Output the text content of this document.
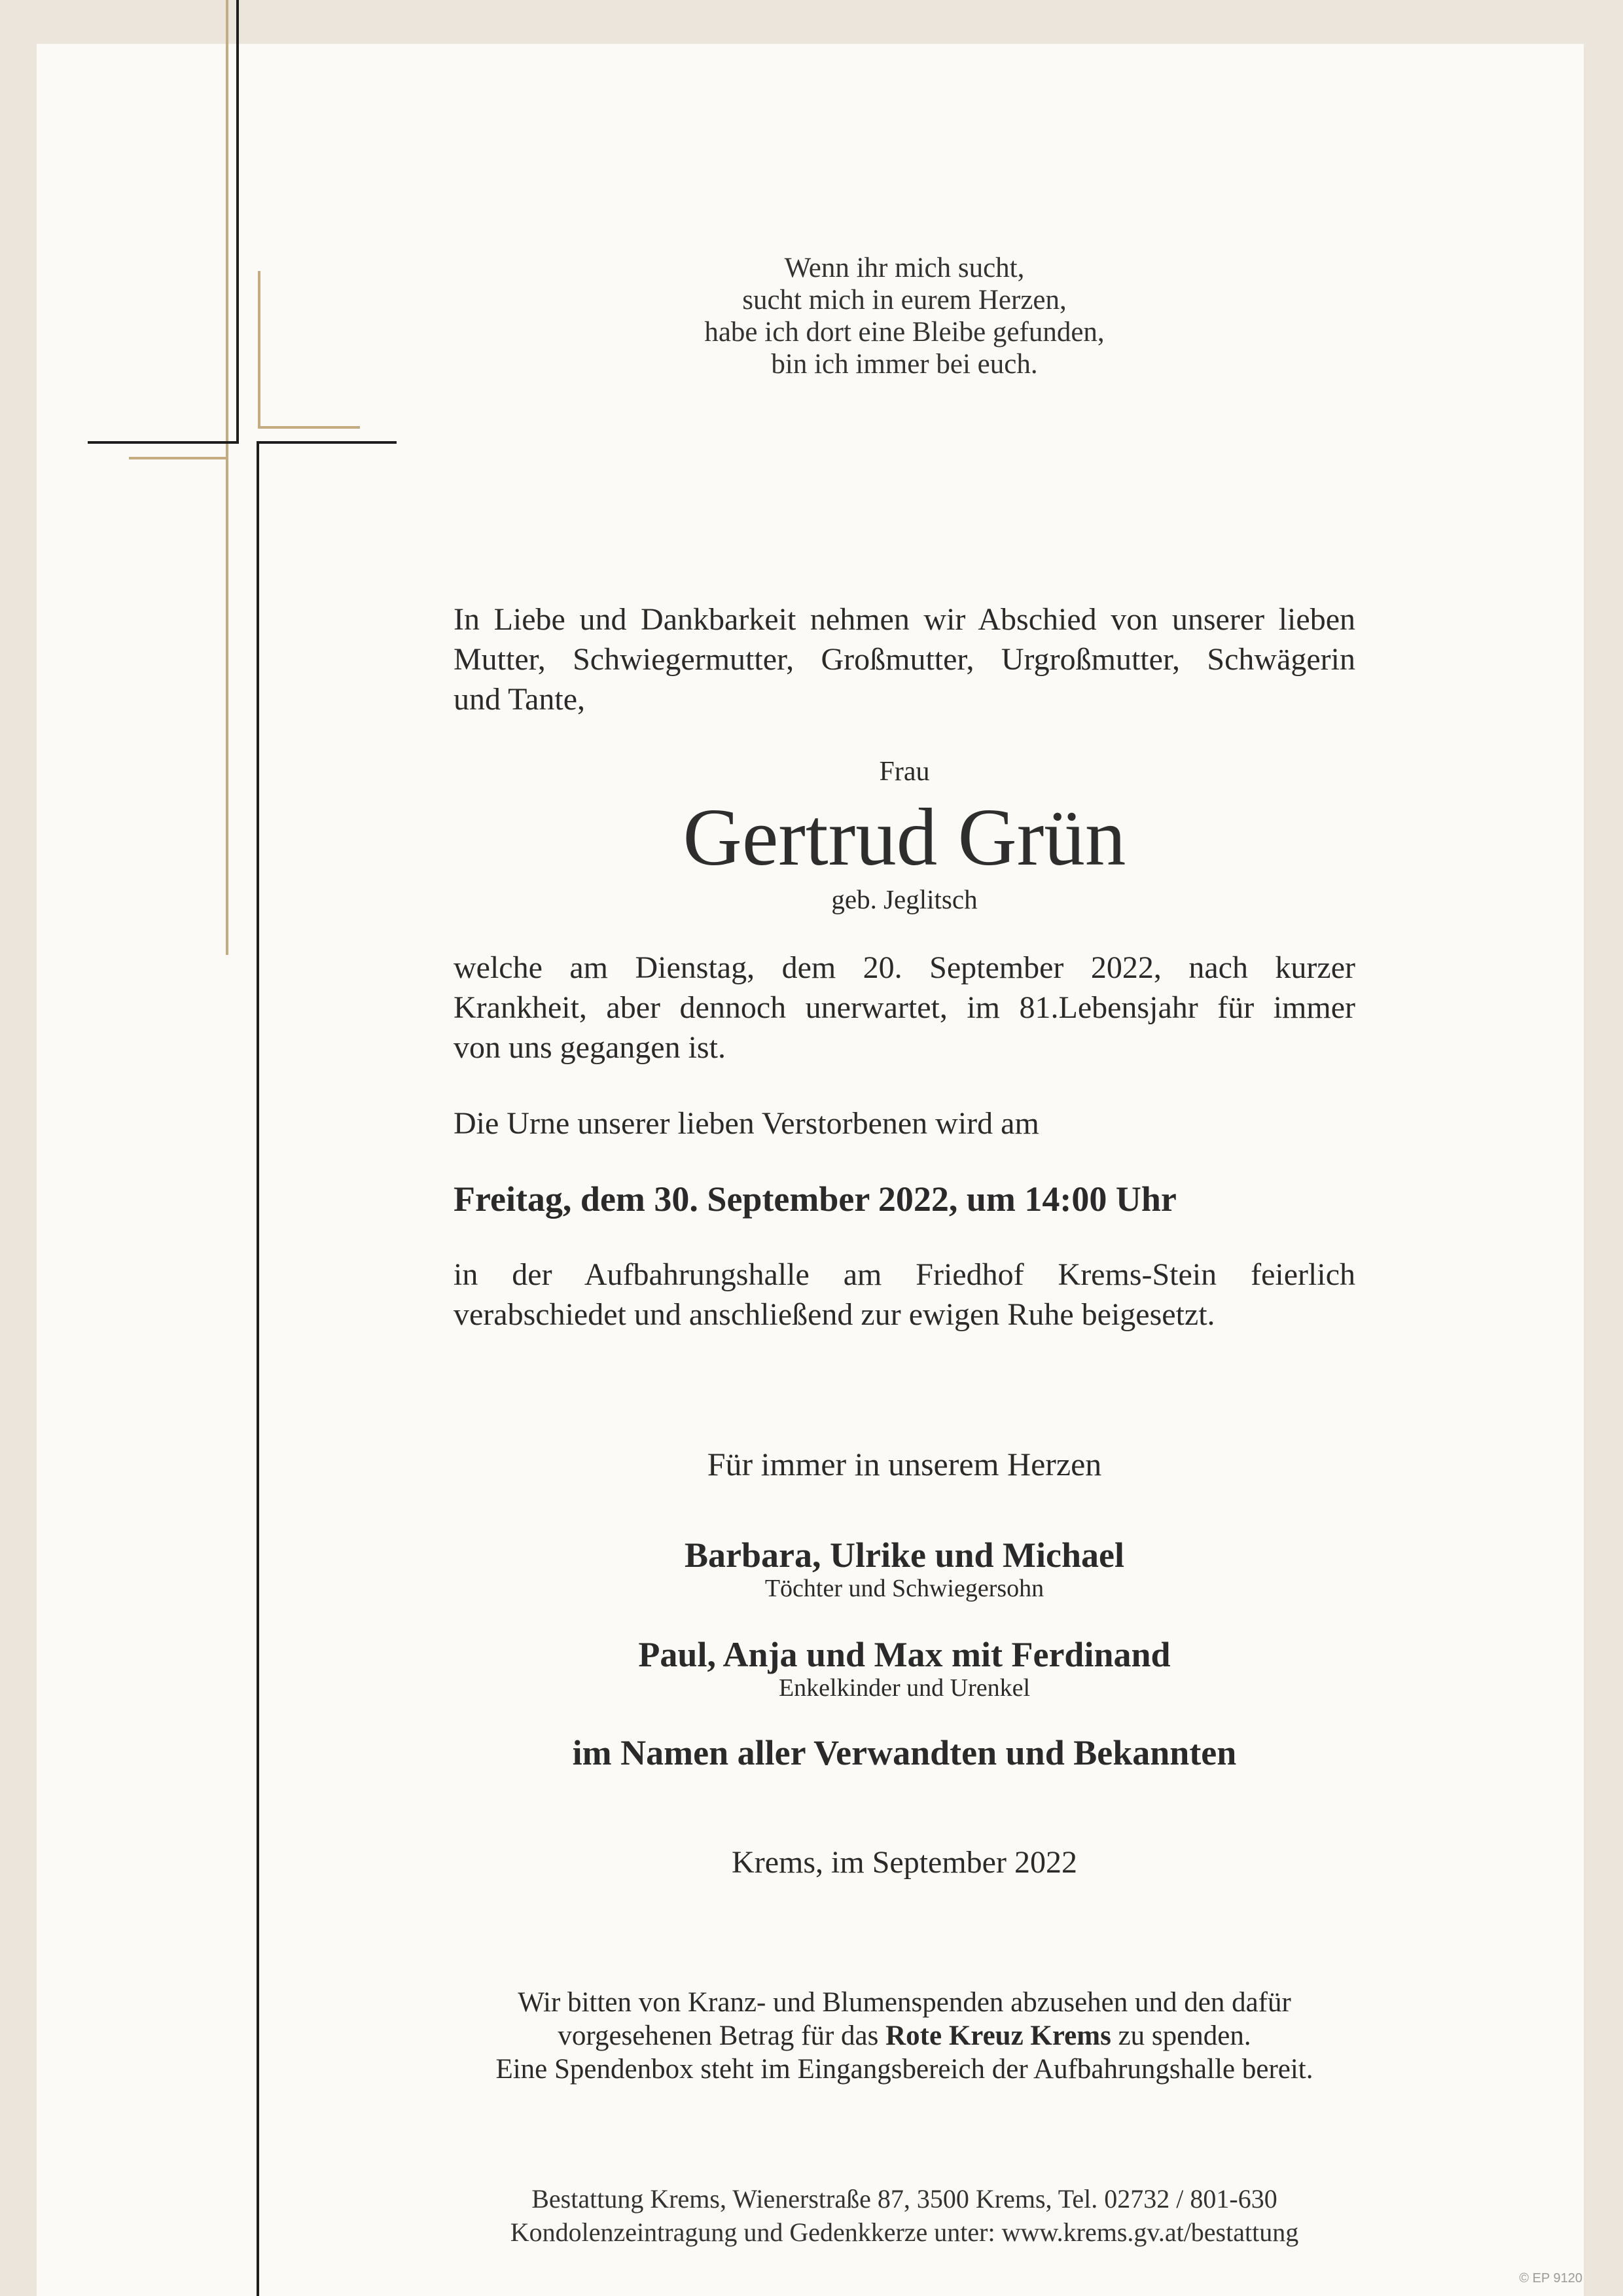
Wenn ihr mich sucht,
sucht mich in eurem Herzen,
habe ich dort eine Bleibe gefunden,
bin ich immer bei euch.
In Liebe und Dankbarkeit nehmen wir Abschied von unserer lieben
Mutter, Schwiegermutter, Großmutter, Urgroßmutter, Schwägerin
und Tante,
Frau
Gertrud Grün
geb. Jeglitsch
welche am Dienstag, dem 20. September 2022, nach kurzer
Krankheit, aber dennoch unerwartet, im 81.Lebensjahr für immer
von uns gegangen ist.
Die Urne unserer lieben Verstorbenen wird am
Freitag, dem 30. September 2022, um 14:00 Uhr
in der Aufbahrungshalle am Friedhof Krems-Stein feierlich
verabschiedet und anschließend zur ewigen Ruhe beigesetzt.
Für immer in unserem Herzen
Barbara, Ulrike und Michael
Töchter und Schwiegersohn
Paul, Anja und Max mit Ferdinand
Enkelkinder und Urenkel
im Namen aller Verwandten und Bekannten
Krems, im September 2022
Wir bitten von Kranz- und Blumenspenden abzusehen und den dafür
vorgesehenen Betrag für das Rote Kreuz Krems zu spenden.
Eine Spendenbox steht im Eingangsbereich der Aufbahrungshalle bereit.
Bestattung Krems, Wienerstraße 87, 3500 Krems, Tel. 02732 / 801-630
Kondolenzeintragung und Gedenkkerze unter: www.krems.gv.at/bestattung
© EP 9120
